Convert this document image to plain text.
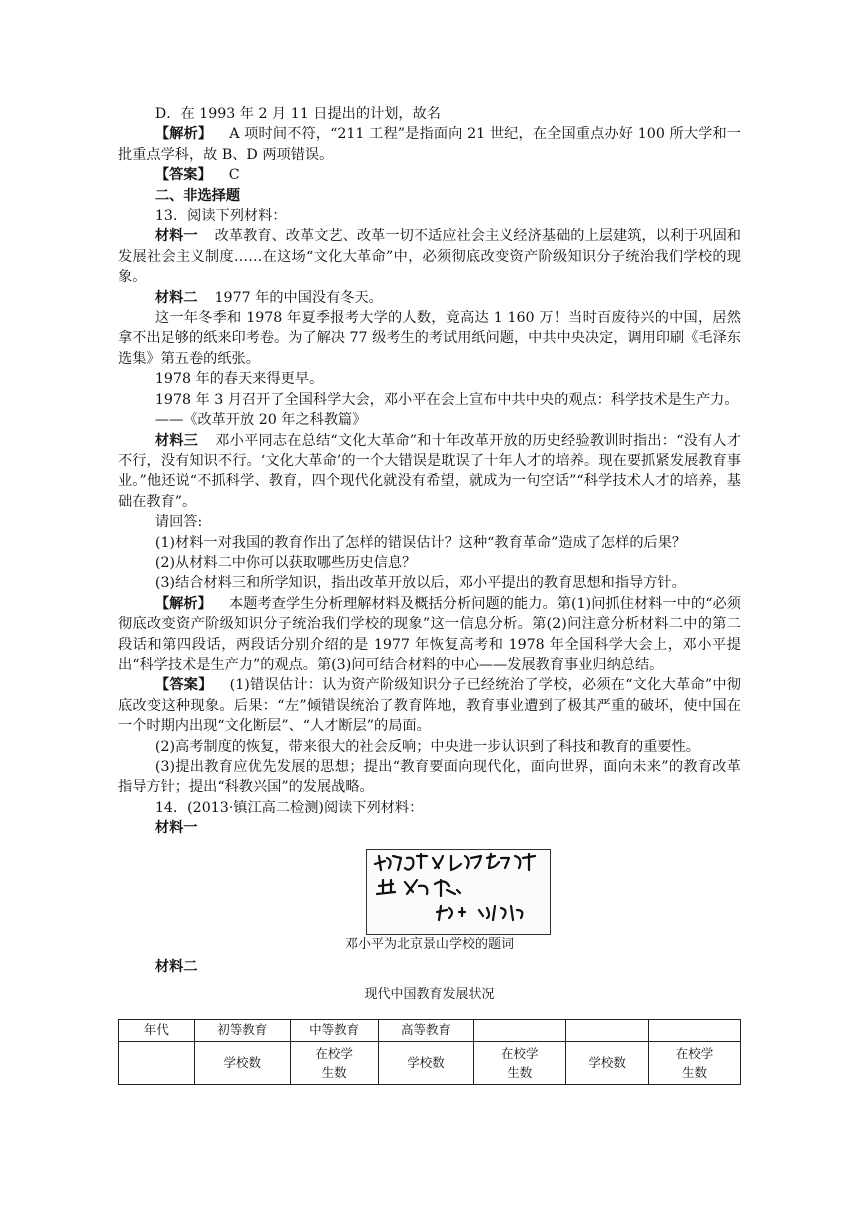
D．在 1993 年 2 月 11 日提出的计划，故名

【解析】 A 项时间不符，“211 工程”是指面向 21 世纪，在全国重点办好 100 所大学和一批重点学科，故 B、D 两项错误。

【答案】 C

二、非选择题

13．阅读下列材料：

材料一 改革教育、改革文艺、改革一切不适应社会主义经济基础的上层建筑，以利于巩固和发展社会主义制度……在这场“文化大革命”中，必须彻底改变资产阶级知识分子统治我们学校的现象。

材料二 1977 年的中国没有冬天。

这一年冬季和 1978 年夏季报考大学的人数，竟高达 1 160 万！当时百废待兴的中国，居然拿不出足够的纸来印考卷。为了解决 77 级考生的考试用纸问题，中共中央决定，调用印刷《毛泽东选集》第五卷的纸张。

1978 年的春天来得更早。

1978 年 3 月召开了全国科学大会，邓小平在会上宣布中共中央的观点：科学技术是生产力。

——《改革开放 20 年之科教篇》

材料三 邓小平同志在总结“文化大革命”和十年改革开放的历史经验教训时指出：“没有人才不行，没有知识不行。‘文化大革命’的一个大错误是耽误了十年人才的培养。现在要抓紧发展教育事业。”他还说“不抓科学、教育，四个现代化就没有希望，就成为一句空话”“科学技术人才的培养，基础在教育”。

请回答:

(1)材料一对我国的教育作出了怎样的错误估计？这种“教育革命”造成了怎样的后果？

(2)从材料二中你可以获取哪些历史信息？

(3)结合材料三和所学知识，指出改革开放以后，邓小平提出的教育思想和指导方针。

【解析】 本题考查学生分析理解材料及概括分析问题的能力。第(1)问抓住材料一中的“必须彻底改变资产阶级知识分子统治我们学校的现象”这一信息分析。第(2)问注意分析材料二中的第二段话和第四段话，两段话分别介绍的是 1977 年恢复高考和 1978 年全国科学大会上，邓小平提出“科学技术是生产力”的观点。第(3)问可结合材料的中心——发展教育事业归纳总结。

【答案】 (1)错误估计：认为资产阶级知识分子已经统治了学校，必须在“文化大革命”中彻底改变这种现象。后果：“左”倾错误统治了教育阵地，教育事业遭到了极其严重的破坏，使中国在一个时期内出现“文化断层”、“人才断层”的局面。

(2)高考制度的恢复，带来很大的社会反响；中央进一步认识到了科技和教育的重要性。

(3)提出教育应优先发展的思想；提出“教育要面向现代化，面向世界，面向未来”的教育改革指导方针；提出“科教兴国”的发展战略。

14．(2013·镇江高二检测)阅读下列材料：

材料一

邓小平为北京景山学校的题词

材料二

现代中国教育发展状况
年代	初等教育	中等教育	高等教育			
	学校数	在校学生数	学校数	在校学生数	学校数	在校学生数
